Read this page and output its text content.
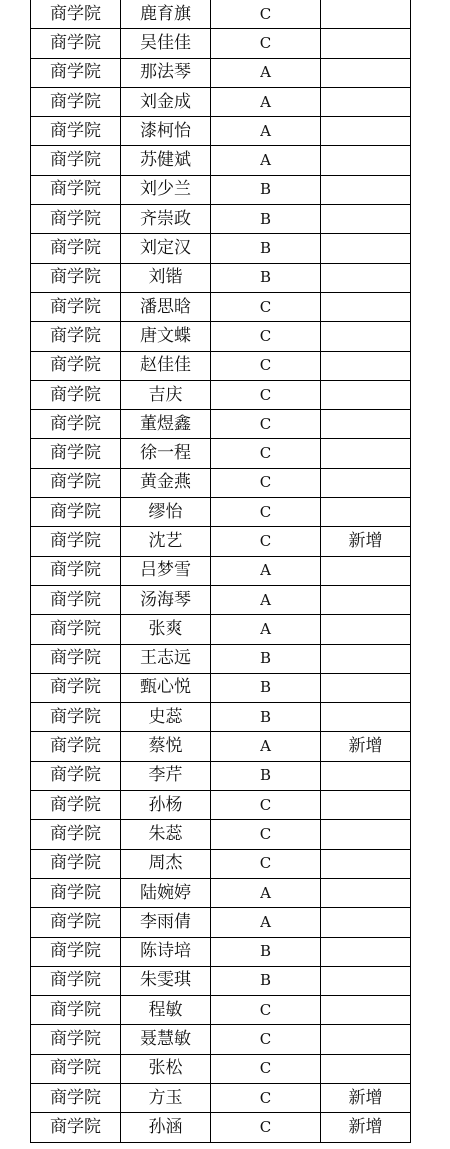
商学院	鹿育旗	C	
商学院	吴佳佳	C	
商学院	那法琴	A	
商学院	刘金成	A	
商学院	漆柯怡	A	
商学院	苏健斌	A	
商学院	刘少兰	B	
商学院	齐崇政	B	
商学院	刘定汉	B	
商学院	刘锴	B	
商学院	潘思晗	C	
商学院	唐文蝶	C	
商学院	赵佳佳	C	
商学院	吉庆	C	
商学院	董煜鑫	C	
商学院	徐一程	C	
商学院	黄金燕	C	
商学院	缪怡	C	
商学院	沈艺	C	新增
商学院	吕梦雪	A	
商学院	汤海琴	A	
商学院	张爽	A	
商学院	王志远	B	
商学院	甄心悦	B	
商学院	史蕊	B	
商学院	蔡悦	A	新增
商学院	李芹	B	
商学院	孙杨	C	
商学院	朱蕊	C	
商学院	周杰	C	
商学院	陆婉婷	A	
商学院	李雨倩	A	
商学院	陈诗培	B	
商学院	朱雯琪	B	
商学院	程敏	C	
商学院	聂慧敏	C	
商学院	张松	C	
商学院	方玉	C	新增
商学院	孙涵	C	新增
